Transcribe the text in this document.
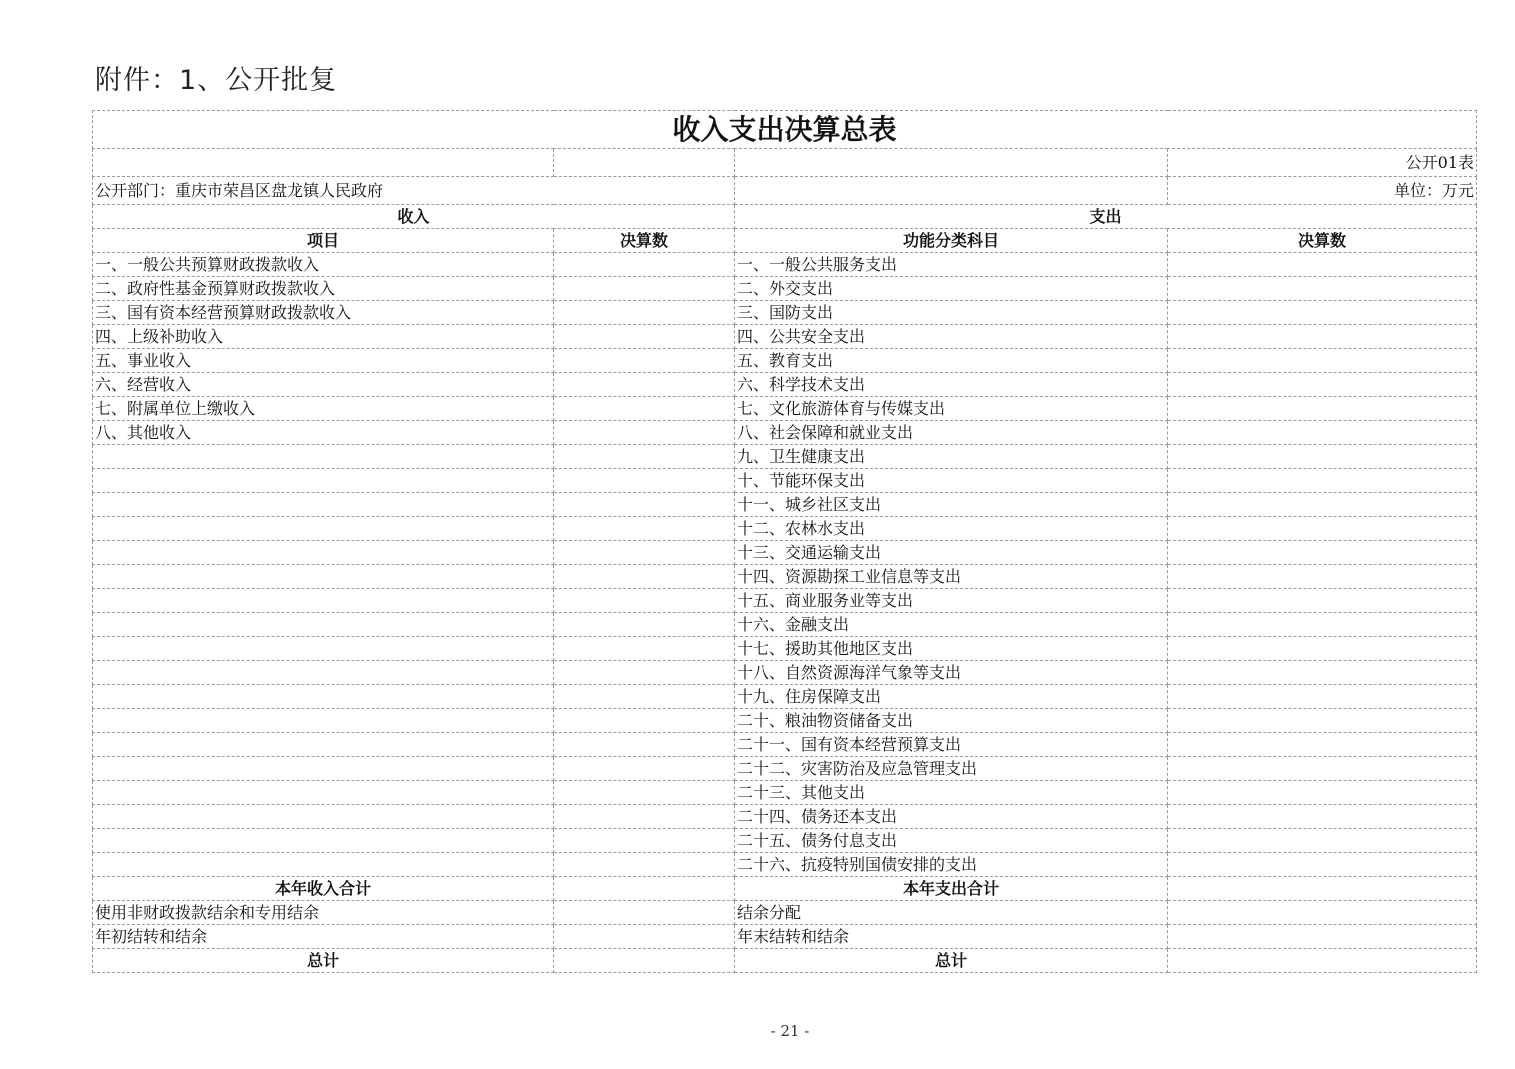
附件：1、公开批复
收入支出决算总表			
			公开01表
公开部门：重庆市荣昌区盘龙镇人民政府			单位：万元
收入		支出	
项目	决算数	功能分类科目	决算数
一、一般公共预算财政拨款收入		一、一般公共服务支出	
二、政府性基金预算财政拨款收入		二、外交支出	
三、国有资本经营预算财政拨款收入		三、国防支出	
四、上级补助收入		四、公共安全支出	
五、事业收入		五、教育支出	
六、经营收入		六、科学技术支出	
七、附属单位上缴收入		七、文化旅游体育与传媒支出	
八、其他收入		八、社会保障和就业支出	
		九、卫生健康支出	
		十、节能环保支出	
		十一、城乡社区支出	
		十二、农林水支出	
		十三、交通运输支出	
		十四、资源勘探工业信息等支出	
		十五、商业服务业等支出	
		十六、金融支出	
		十七、援助其他地区支出	
		十八、自然资源海洋气象等支出	
		十九、住房保障支出	
		二十、粮油物资储备支出	
		二十一、国有资本经营预算支出	
		二十二、灾害防治及应急管理支出	
		二十三、其他支出	
		二十四、债务还本支出	
		二十五、债务付息支出	
		二十六、抗疫特别国债安排的支出	
本年收入合计		本年支出合计	
使用非财政拨款结余和专用结余		结余分配	
年初结转和结余		年末结转和结余	
总计		总计	
- 21 -
